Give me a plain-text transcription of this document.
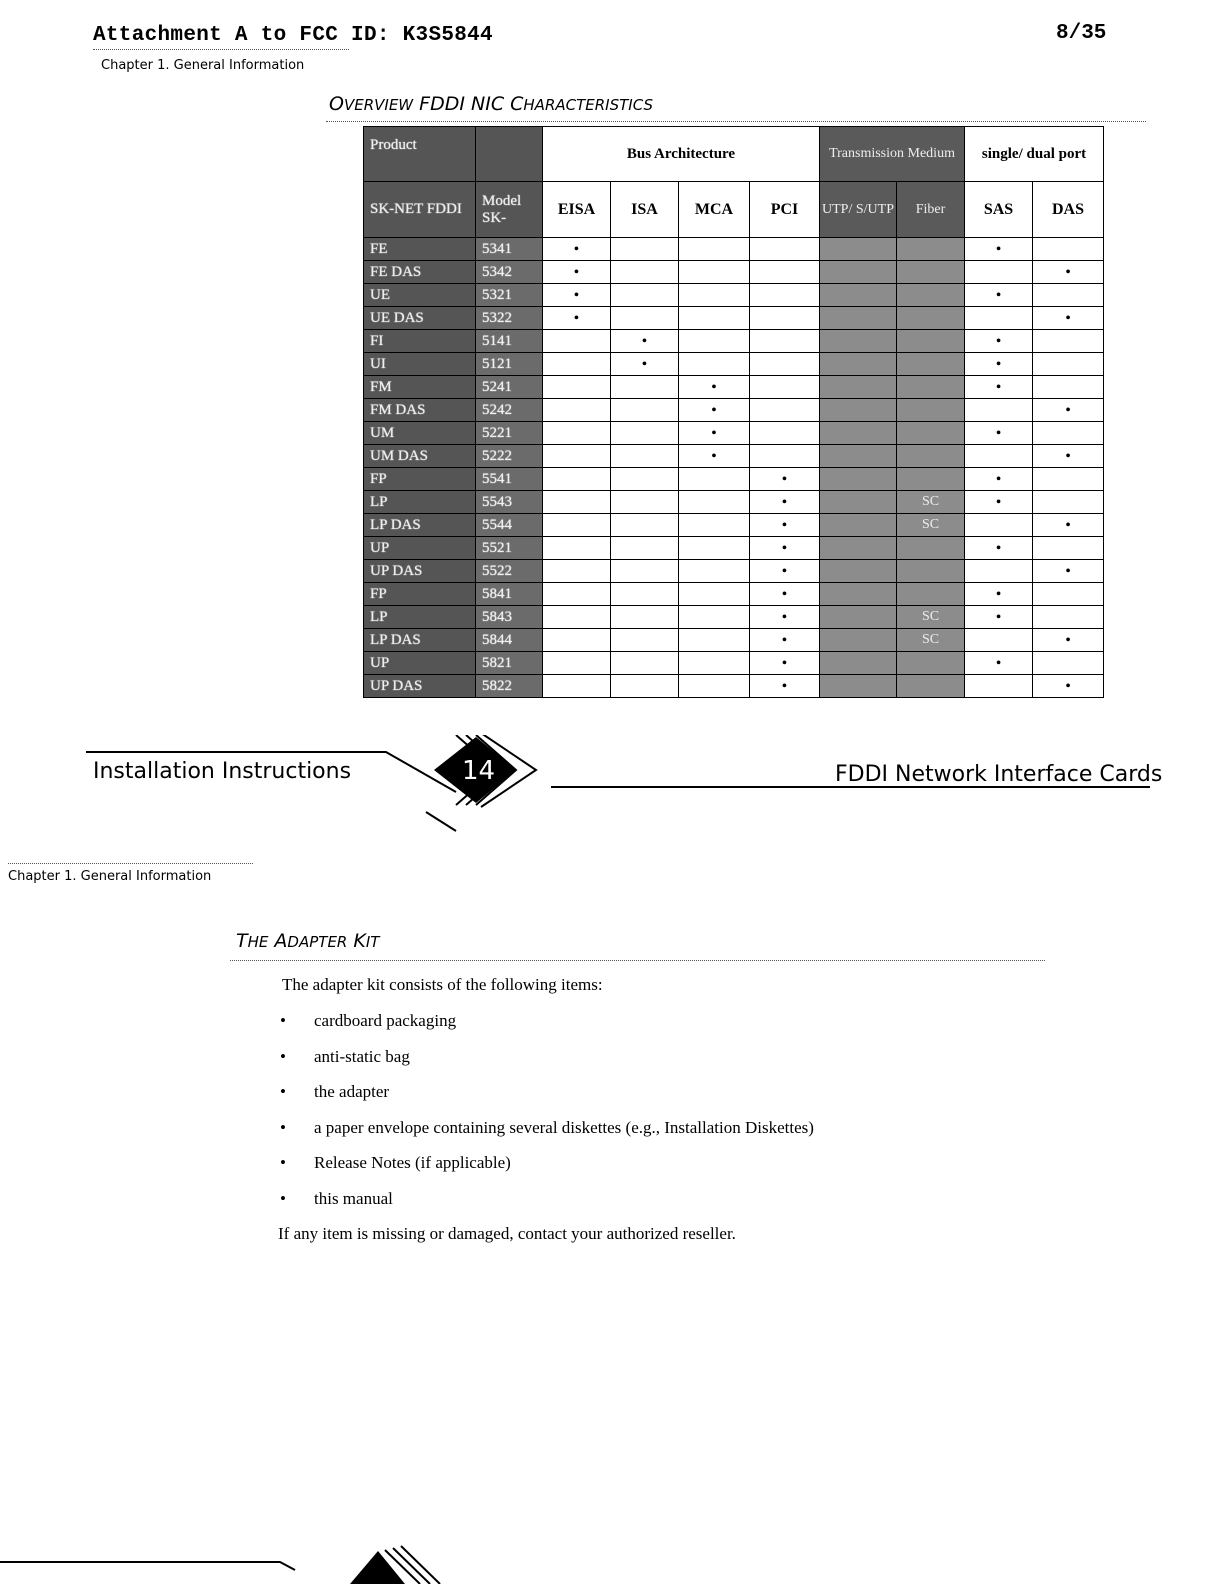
Attachment A to FCC ID: K3S5844	8/35
Chapter 1. General Information
OVERVIEW FDDI NIC CHARACTERISTICS
Product		Bus Architecture				Transmission Medium		single/ dual port	
SK-NET FDDI	Model SK-	EISA	ISA	MCA	PCI	UTP/ S/UTP	Fiber	SAS	DAS
FE	5341	•						•	
FE DAS	5342	•							•
UE	5321	•						•	
UE DAS	5322	•							•
FI	5141		•					•	
UI	5121		•					•	
FM	5241			•				•	
FM DAS	5242			•					•
UM	5221			•				•	
UM DAS	5222			•					•
FP	5541				•			•	
LP	5543				•		SC	•	
LP DAS	5544				•		SC		•
UP	5521				•			•	
UP DAS	5522				•				•
FP	5841				•			•	
LP	5843				•		SC	•	
LP DAS	5844				•		SC		•
UP	5821				•			•	
UP DAS	5822				•				•
Installation Instructions	14	FDDI Network Interface Cards
Chapter 1. General Information
THE ADAPTER KIT
The adapter kit consists of the following items:
• cardboard packaging
• anti-static bag
• the adapter
• a paper envelope containing several diskettes (e.g., Installation Diskettes)
• Release Notes (if applicable)
• this manual
If any item is missing or damaged, contact your authorized reseller.
